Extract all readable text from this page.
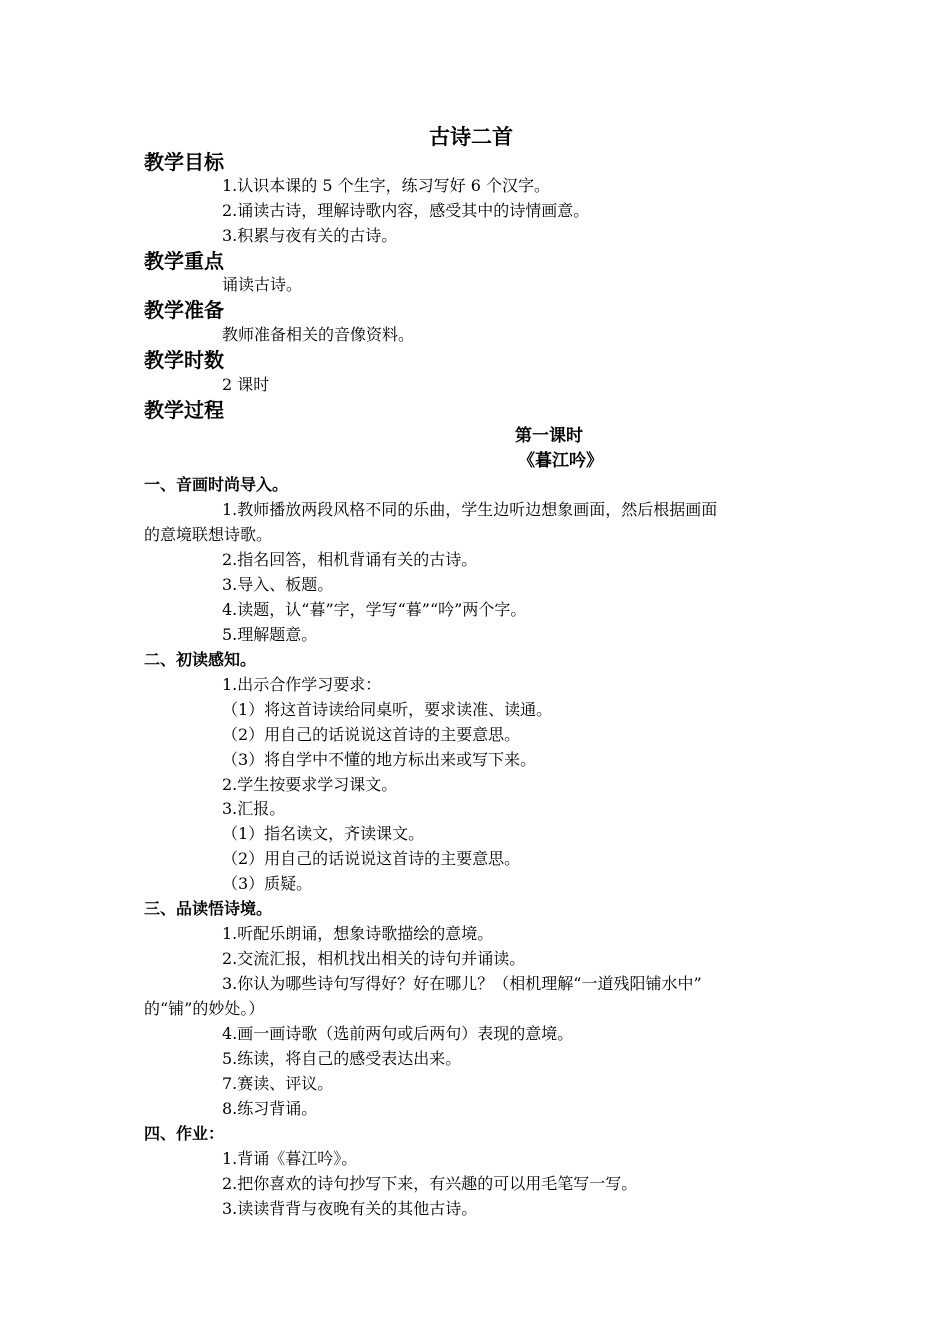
古诗二首
教学目标
1.认识本课的 5 个生字，练习写好 6 个汉字。
2.诵读古诗，理解诗歌内容，感受其中的诗情画意。
3.积累与夜有关的古诗。
教学重点
诵读古诗。
教学准备
教师准备相关的音像资料。
教学时数
2 课时
教学过程
第一课时
《暮江吟》
一、音画时尚导入。
1.教师播放两段风格不同的乐曲，学生边听边想象画面，然后根据画面
的意境联想诗歌。
2.指名回答，相机背诵有关的古诗。
3.导入、板题。
4.读题，认“暮”字，学写“暮”“吟”两个字。
5.理解题意。
二、初读感知。
1.出示合作学习要求：
（1）将这首诗读给同桌听，要求读准、读通。
（2）用自己的话说说这首诗的主要意思。
（3）将自学中不懂的地方标出来或写下来。
2.学生按要求学习课文。
3.汇报。
（1）指名读文，齐读课文。
（2）用自己的话说说这首诗的主要意思。
（3）质疑。
三、品读悟诗境。
1.听配乐朗诵，想象诗歌描绘的意境。
2.交流汇报，相机找出相关的诗句并诵读。
3.你认为哪些诗句写得好？好在哪儿？（相机理解“一道残阳铺水中”
的“铺”的妙处。）
4.画一画诗歌（选前两句或后两句）表现的意境。
5.练读，将自己的感受表达出来。
7.赛读、评议。
8.练习背诵。
四、作业：
1.背诵《暮江吟》。
2.把你喜欢的诗句抄写下来，有兴趣的可以用毛笔写一写。
3.读读背背与夜晚有关的其他古诗。
